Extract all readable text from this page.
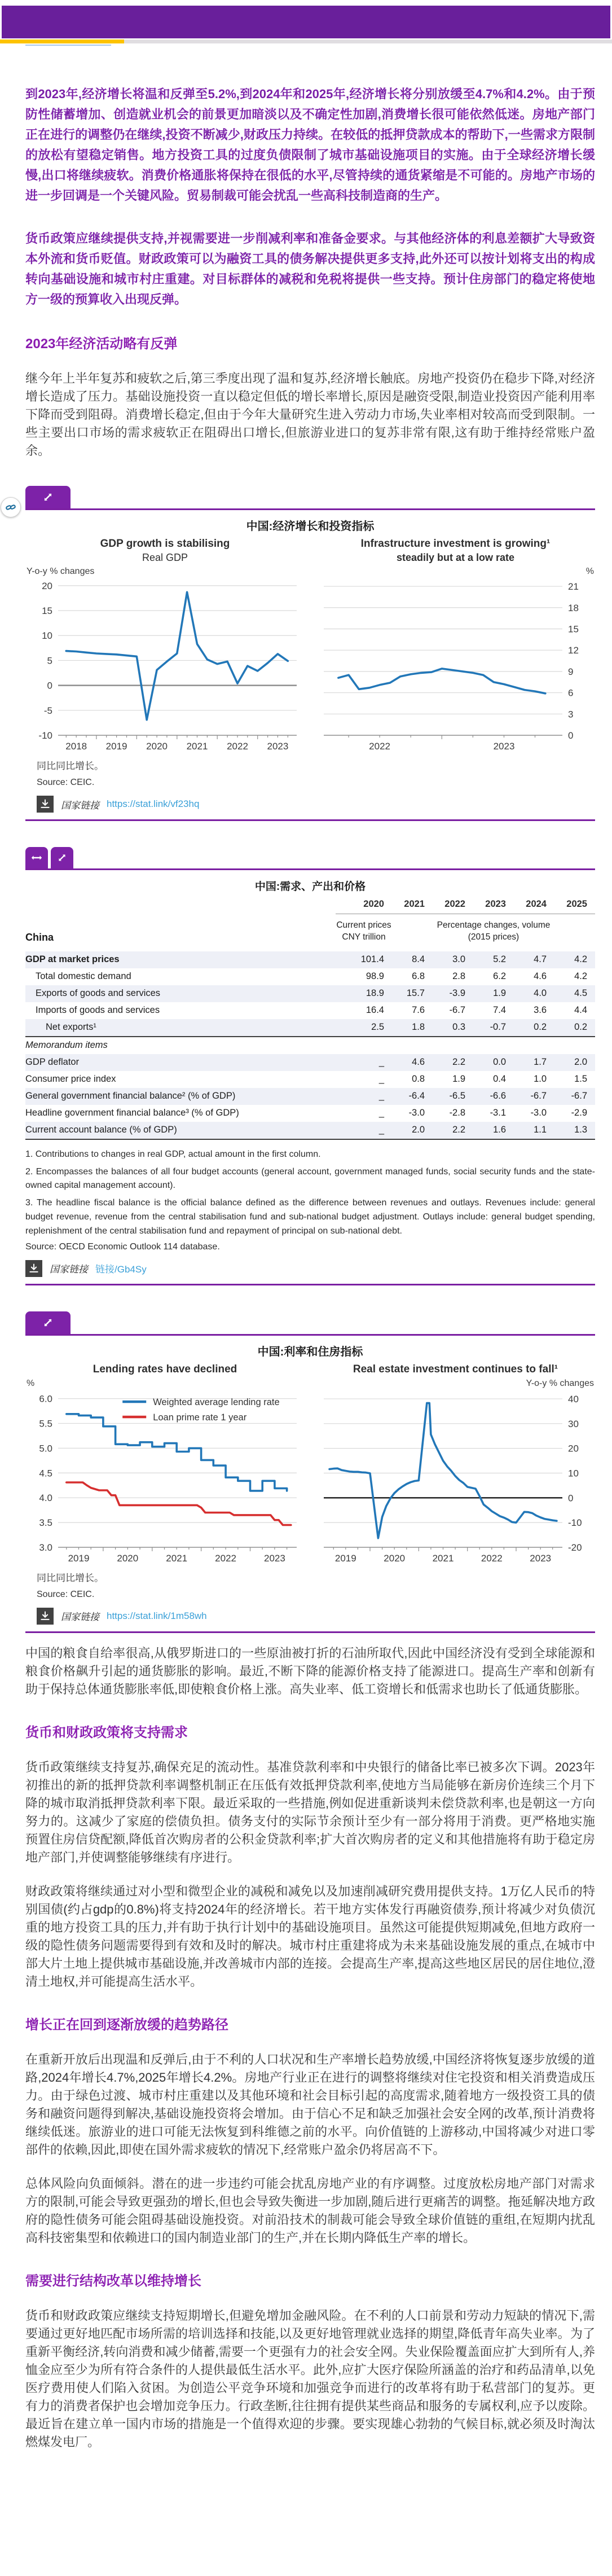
到2023年,经济增长将温和反弹至5.2%,到2024年和2025年,经济增长将分别放缓至4.7%和4.2%。由于预防性储蓄增加、创造就业机会的前景更加暗淡以及不确定性加剧,消费增长很可能依然低迷。房地产部门正在进行的调整仍在继续,投资不断减少,财政压力持续。在较低的抵押贷款成本的帮助下,一些需求方限制的放松有望稳定销售。地方投资工具的过度负债限制了城市基础设施项目的实施。由于全球经济增长缓慢,出口将继续疲软。消费价格通胀将保持在很低的水平,尽管持续的通货紧缩是不可能的。房地产市场的进一步回调是一个关键风险。贸易制裁可能会扰乱一些高科技制造商的生产。

货币政策应继续提供支持,并视需要进一步削减利率和准备金要求。与其他经济体的利息差额扩大导致资本外流和货币贬值。财政政策可以为融资工具的债务解决提供更多支持,此外还可以按计划将支出的构成转向基础设施和城市村庄重建。对目标群体的减税和免税将提供一些支持。预计住房部门的稳定将使地方一级的预算收入出现反弹。

2023年经济活动略有反弹

继今年上半年复苏和疲软之后,第三季度出现了温和复苏,经济增长触底。房地产投资仍在稳步下降,对经济增长造成了压力。基础设施投资一直以稳定但低的增长率增长,原因是融资受限,制造业投资因产能利用率下降而受到阻碍。消费增长稳定,但由于今年大量研究生进入劳动力市场,失业率相对较高而受到限制。一些主要出口市场的需求疲软正在阻碍出口增长,但旅游业进口的复苏非常有限,这有助于维持经常账户盈余。

中国:经济增长和投资指标
GDP growth is stabilising
Real GDP
2018 2019 2020 2021 2022 2023
-10
-5
0
5
10
15
20
Y-o-y % changes
Infrastructure investment is growing¹
steadily but at a low rate
2022	2023
0
3
6
9
12
15
18
21
%
同比同比增长。
Source: CEIC.
国家链接 https://stat.link/vf23hq
中国:需求、产出和价格
2020	2021	2022	2023	2024	2025
China
Current prices
CNY trillion
Percentage changes, volume
(2015 prices)
GDP at market prices	101.4	8.4	3.0	5.2	4.7	4.2
Total domestic demand	98.9	6.8	2.8	6.2	4.6	4.2
Exports of goods and services	18.9	15.7	-3.9	1.9	4.0	4.5
Imports of goods and services	16.4	7.6	-6.7	7.4	3.6	4.4
Net exports¹	2.5	1.8	0.3	-0.7	0.2	0.2
Memorandum items
GDP deflator	_	4.6	2.2	0.0	1.7	2.0
Consumer price index	_	0.8	1.9	0.4	1.0	1.5
General government financial balance² (% of GDP)	_	-6.4	-6.5	-6.6	-6.7	-6.7
Headline government financial balance³ (% of GDP)	_	-3.0	-2.8	-3.1	-3.0	-2.9
Current account balance (% of GDP)	_	2.0	2.2	1.6	1.1	1.3
1. Contributions to changes in real GDP, actual amount in the first column.
2. Encompasses the balances of all four budget accounts (general account, government managed funds, social security funds and the state-owned capital management account).
3. The headline fiscal balance is the official balance defined as the difference between revenues and outlays. Revenues include: general budget revenue, revenue from the central stabilisation fund and sub-national budget adjustment. Outlays include: general budget spending, replenishment of the central stabilisation fund and repayment of principal on sub-national debt.
Source: OECD Economic Outlook 114 database.
国家链接 链接/Gb4Sy
中国:利率和住房指标
Lending rates have declined
2019	2020	2021	2022	2023
3.0
3.5
4.0
4.5
5.0
5.5
6.0
%
Weighted average lending rate
Loan prime rate 1 year
Real estate investment continues to fall¹
2019	2020	2021	2022	2023
-20
-10
0
10
20
30
40
Y-o-y % changes
同比同比增长。
Source: CEIC.
国家链接 https://stat.link/1m58wh

中国的粮食自给率很高,从俄罗斯进口的一些原油被打折的石油所取代,因此中国经济没有受到全球能源和粮食价格飙升引起的通货膨胀的影响。最近,不断下降的能源价格支持了能源进口。提高生产率和创新有助于保持总体通货膨胀率低,即使粮食价格上涨。高失业率、低工资增长和低需求也助长了低通货膨胀。

货币和财政政策将支持需求

货币政策继续支持复苏,确保充足的流动性。基准贷款利率和中央银行的储备比率已被多次下调。2023年初推出的新的抵押贷款利率调整机制正在压低有效抵押贷款利率,使地方当局能够在新房价连续三个月下降的城市取消抵押贷款利率下限。最近采取的一些措施,例如促进重新谈判未偿贷款利率,也是朝这一方向努力的。这减少了家庭的偿债负担。债务支付的实际节余预计至少有一部分将用于消费。更严格地实施预置住房信贷配额,降低首次购房者的公积金贷款利率;扩大首次购房者的定义和其他措施将有助于稳定房地产部门,并使调整能够继续有序进行。

财政政策将继续通过对小型和微型企业的减税和减免以及加速削减研究费用提供支持。1万亿人民币的特别国债(约占gdp的0.8%)将支持2024年的经济增长。若干地方实体发行再融资债券,预计将减少对负债沉重的地方投资工具的压力,并有助于执行计划中的基础设施项目。虽然这可能提供短期减免,但地方政府一级的隐性债务问题需要得到有效和及时的解决。城市村庄重建将成为未来基础设施发展的重点,在城市中部大片土地上提供城市基础设施,并改善城市内部的连接。会提高生产率,提高这些地区居民的居住地位,澄清土地权,并可能提高生活水平。

增长正在回到逐渐放缓的趋势路径

在重新开放后出现温和反弹后,由于不利的人口状况和生产率增长趋势放缓,中国经济将恢复逐步放缓的道路,2024年增长4.7%,2025年增长4.2%。房地产行业正在进行的调整将继续对住宅投资和相关消费造成压力。由于绿色过渡、城市村庄重建以及其他环境和社会目标引起的高度需求,随着地方一级投资工具的债务和融资问题得到解决,基础设施投资将会增加。由于信心不足和缺乏加强社会安全网的改革,预计消费将继续低迷。旅游业的进口可能无法恢复到科维德之前的水平。向价值链的上游移动,中国将减少对进口零部件的依赖,因此,即使在国外需求疲软的情况下,经常账户盈余仍将居高不下。

总体风险向负面倾斜。潜在的进一步违约可能会扰乱房地产业的有序调整。过度放松房地产部门对需求方的限制,可能会导致更强劲的增长,但也会导致失衡进一步加剧,随后进行更痛苦的调整。拖延解决地方政府的隐性债务可能会阻碍基础设施投资。对前沿技术的制裁可能会导致全球价值链的重组,在短期内扰乱高科技密集型和依赖进口的国内制造业部门的生产,并在长期内降低生产率的增长。

需要进行结构改革以维持增长

货币和财政政策应继续支持短期增长,但避免增加金融风险。在不利的人口前景和劳动力短缺的情况下,需要通过更好地匹配市场所需的培训选择和技能,以及更好地管理就业选择的期望,降低青年高失业率。为了重新平衡经济,转向消费和减少储蓄,需要一个更强有力的社会安全网。失业保险覆盖面应扩大到所有人,养恤金应至少为所有符合条件的人提供最低生活水平。此外,应扩大医疗保险所涵盖的治疗和药品清单,以免医疗费用使人们陷入贫困。为创造公平竞争环境和加强竞争而进行的改革将有助于私营部门的复苏。更有力的消费者保护也会增加竞争压力。行政垄断,往往拥有提供某些商品和服务的专属权利,应予以废除。最近旨在建立单一国内市场的措施是一个值得欢迎的步骤。要实现雄心勃勃的气候目标,就必须及时淘汰燃煤发电厂。
